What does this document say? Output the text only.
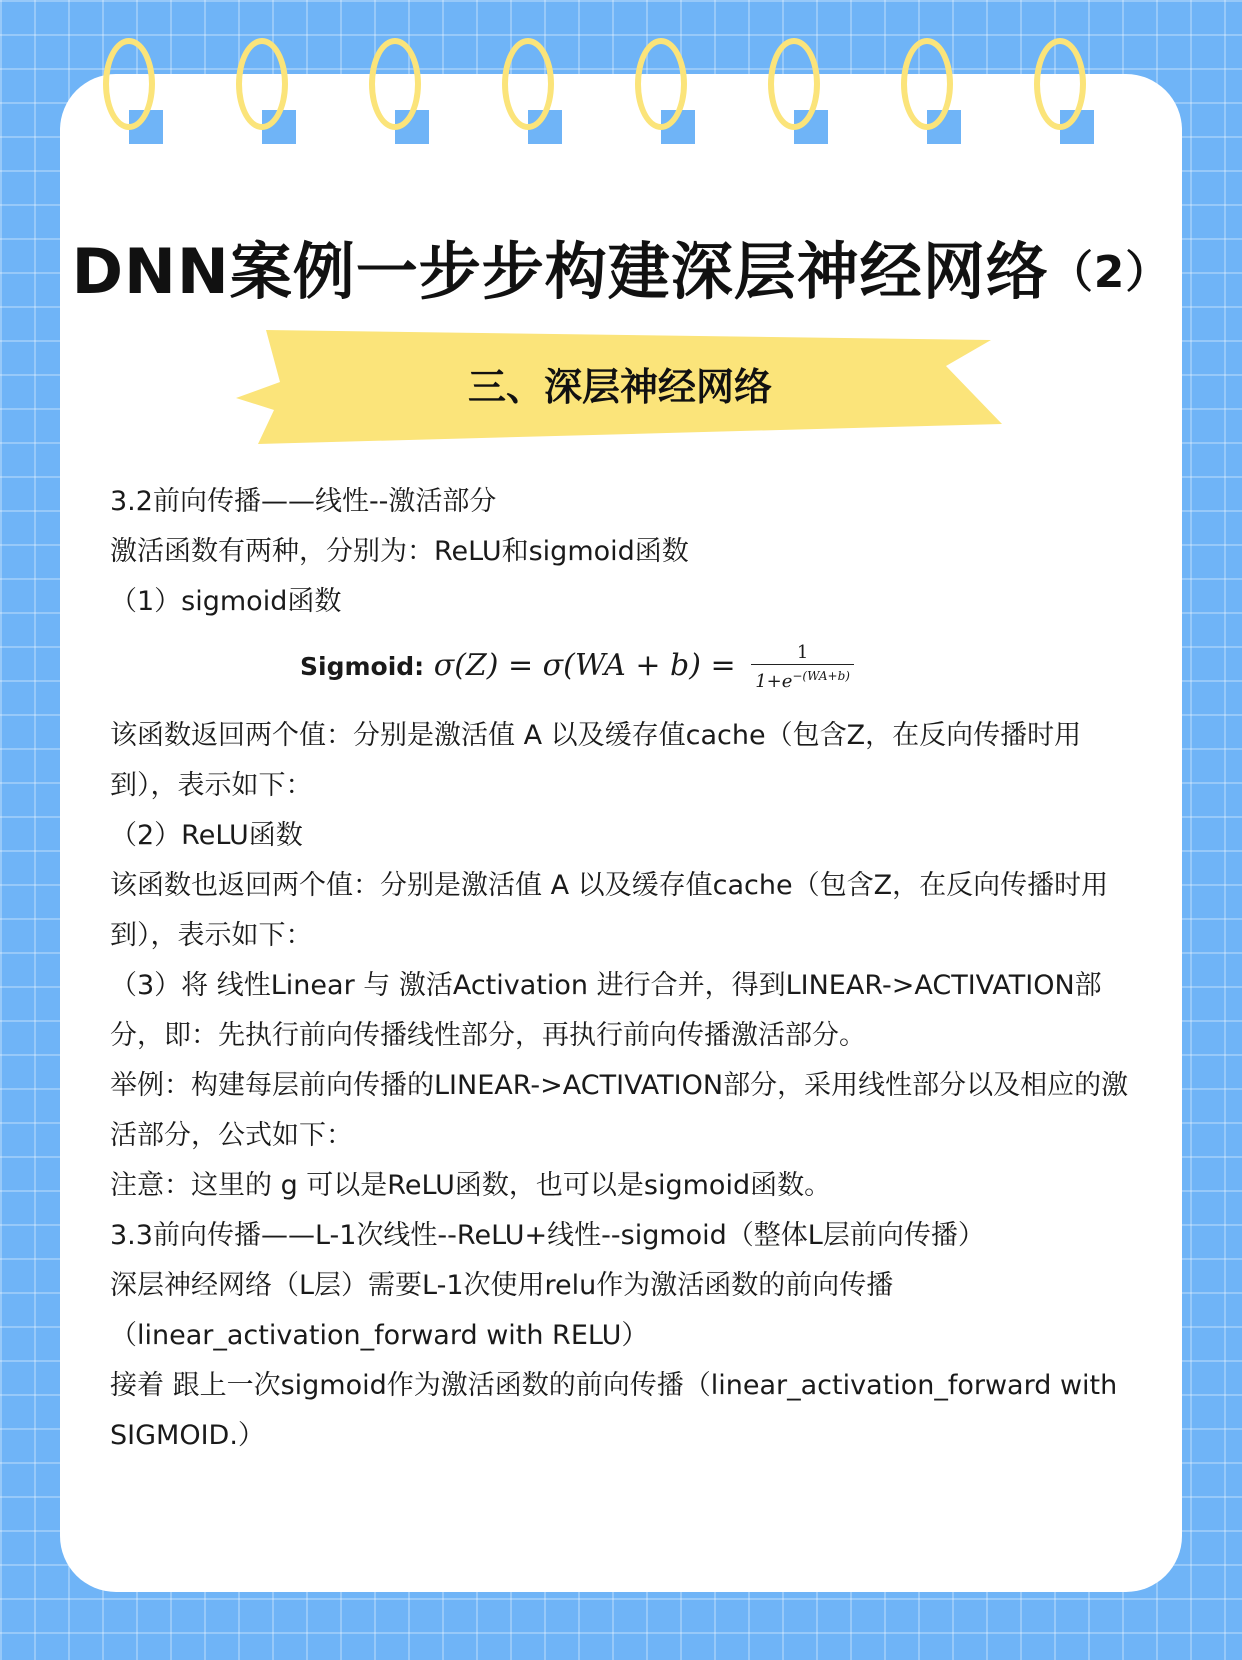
DNN案例一步步构建深层神经网络（2）
三、深层神经网络

3.2前向传播——线性--激活部分

激活函数有两种，分别为：ReLU和sigmoid函数

（1）sigmoid函数

Sigmoid: $\sigma(Z) = \sigma(WA + b) = \frac{1}{1+e^{-(WA+b)}}$

该函数返回两个值：分别是激活值 A 以及缓存值cache（包含Z，在反向传播时用到），表示如下：

（2）ReLU函数

该函数也返回两个值：分别是激活值 A 以及缓存值cache（包含Z，在反向传播时用到），表示如下：

（3）将 线性Linear 与 激活Activation 进行合并，得到LINEAR->ACTIVATION部分，即：先执行前向传播线性部分，再执行前向传播激活部分。

举例：构建每层前向传播的LINEAR->ACTIVATION部分，采用线性部分以及相应的激活部分，公式如下：

注意：这里的 g 可以是ReLU函数，也可以是sigmoid函数。

3.3前向传播——L-1次线性--ReLU+线性--sigmoid（整体L层前向传播）

深层神经网络（L层）需要L-1次使用relu作为激活函数的前向传播（linear_activation_forward with RELU）

接着 跟上一次sigmoid作为激活函数的前向传播（linear_activation_forward with SIGMOID.）
